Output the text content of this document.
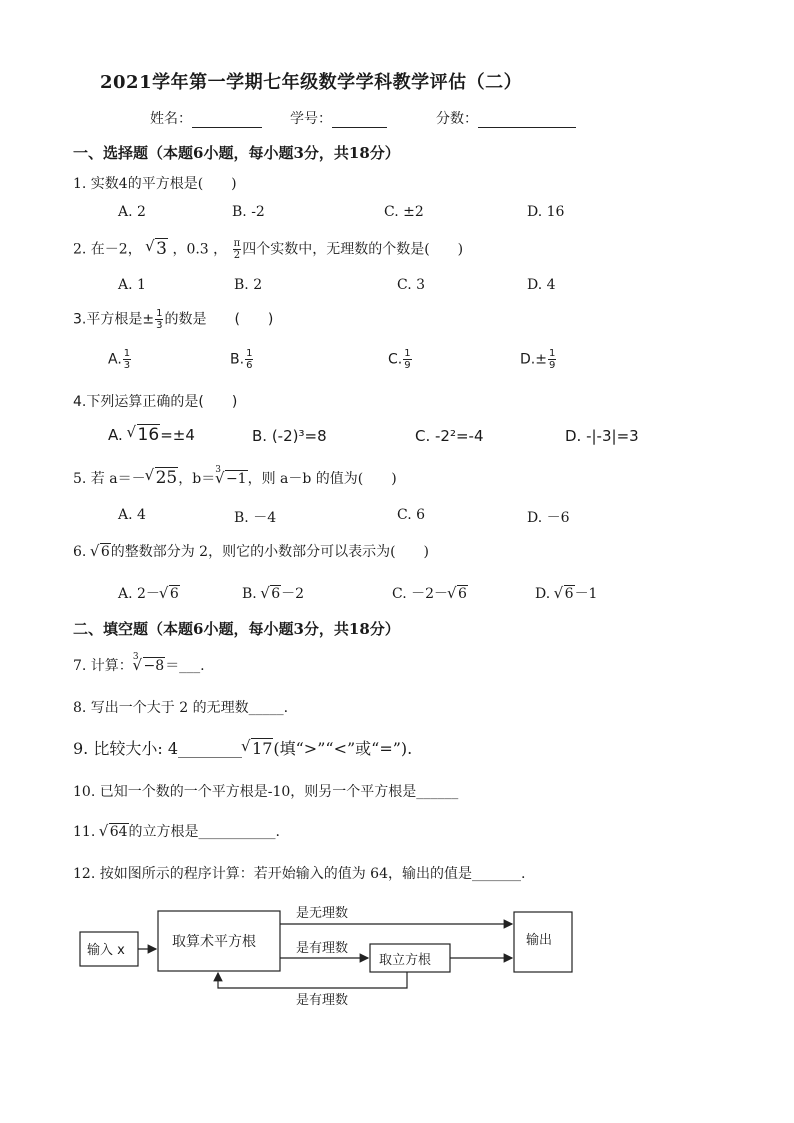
2021学年第一学期七年级数学学科教学评估（二）
姓名：	学号：	分数：
一、选择题（本题6小题，每小题3分，共18分）
1. 实数4的平方根是(　　)
A. 2	B. -2	C. ±2	D. 16
2. 在－2， √ 3 ，0.3 ， $\frac{\pi}{2}$ 四个实数中，无理数的个数是(　　)
A. 1	B. 2	C. 3	D. 4
3.平方根是± $\frac{1}{3}$ 的数是　　(　　)
A. $\frac{1}{3}$	B. $\frac{1}{6}$	C. $\frac{1}{9}$	$D.\pm \frac{1}{9}$
4.下列运算正确的是(　　)
A. √ 16=±4	B. (-2)³=8	C. -2²=-4	D. -|-3|=3
5. 若 a＝－ √ 25，b＝$^3$√ −1，则 a－b 的值为(　　)
A. 4	B. －4	C. 6	D. －6
6. √ 6的整数部分为 2，则它的小数部分可以表示为(　　)
A. 2－ √ 6	B. √ 6－2	C. －2－ √ 6	D. √ 6－1
二、填空题（本题6小题，每小题3分，共18分）
7. 计算：$^3$√ −8＝___.
8. 写出一个大于 2 的无理数_____.
9. 比较大小: 4________ √ 17(填“>”“<”或“=”).
10. 已知一个数的一个平方根是-10，则另一个平方根是______
11. √ 64的立方根是___________.
12. 按如图所示的程序计算：若开始输入的值为 64，输出的值是_______.
输入 x
取算术平方根
是无理数
是有理数
取立方根
输出
是有理数
